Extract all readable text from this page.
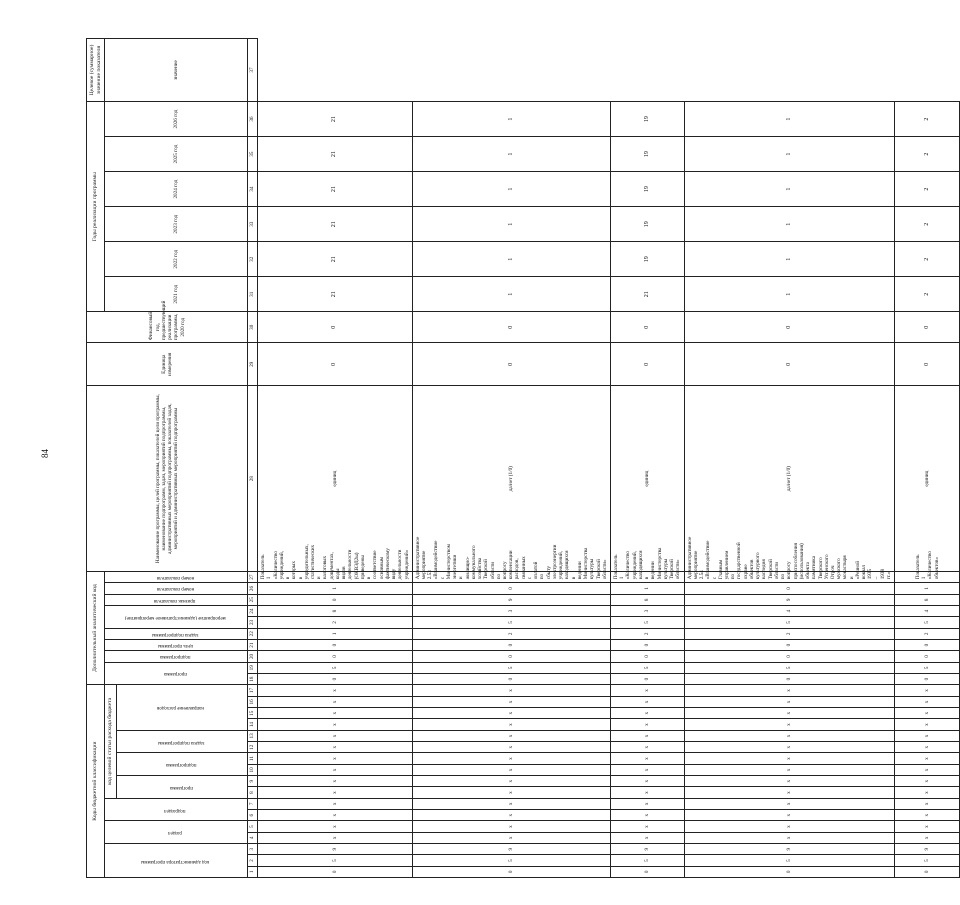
84
Коды бюджетной классификации																	Дополнительный аналитический код										Наименование программы, целей программы, показателей цели программы, наименование подпрограмм, задач, мероприятий подпрограммы, административных мероприятий подпрограммы, показателей задач, мероприятий и административных мероприятий подпрограммы	Единица измерения	Финансовый год, предшествующий реализации программы, 2020 год	Годы реализации программы						Целевое (суммарное) значение показателя
код администратора программы			раздел		подраздел		код целевой статьи расхода бюджета										программа		подпрограмма	цель программы	задача подпрограммы	мероприятие (административное мероприятие)		признак показателя	номер показателя	номер показателя				2021 год	2022 год	2023 год	2024 год	2025 год	2026 год	значение
							программа		подпрограмма		задача подпрограммы		направление расходов																							
1	2	3	4	5	6	7	8	9	10	11	12	13	14	15	16	17	18	19	20	21	22	23	24	25	26	27	28	29	30	31	32	33	34	35	36	37
0	5	9	x	x	x	x	x	x	x	x	x	x	x	x	x	x	0	5	0	0	1	2	8	0	1	Показатель 1 «Количество учреждений, в которых в учредительных, статистических и налоговых документах, коды видов деятельности (ОКВЭД2ы) приведены в соответствие основным фактическому виду деятельности учреждений»	единиц	0	0	21	21	21	21	21	21	
0	5	9	x	x	x	x	x	x	x	x	x	x	x	x	x	x	0	5	0	0	2	5	3	9	0	Административное мероприятие 2.53 «Взаимодействие с Министерством энергетики и жилищно-коммунального хозяйства Тверской области по вопросу компенсации расходов, связанных с оплатой по сбыту электроэнергии учреждений, находящихся в ведении Министерства культуры Тверской области»	да/нет (1/0)	0	0	1	1	1	1	1	1	
0	5	9	x	x	x	x	x	x	x	x	x	x	x	x	x	x	0	5	0	0	2	5	3	8	1	Показатель 1 «Количество учреждений, находящихся в ведении Министерства культуры Тверской области»	единиц	0	0	21	19	19	19	19	19	
0	5	9	x	x	x	x	x	x	x	x	x	x	x	x	x	x	0	5	0	0	2	5	4	9	0	Административное мероприятие 2.54 «Взаимодействие с Главным управлением по государственной охране объектов культурного наследия Тверской области по вопросу приспособления (использования) объекта памятника Тверского Успенского Отроч мужского монастыря и «Речной вокзал 1935 – 1938 гг.»	да/нет (1/0)	0	0	1	1	1	1	1	1	
0	5	9	x	x	x	x	x	x	x	x	x	x	x	x	x	x	0	5	0	0	2	5	4	8	1	Показатель 1 «Количество объектов»	единиц	0	0	2	2	2	2	2	2	
